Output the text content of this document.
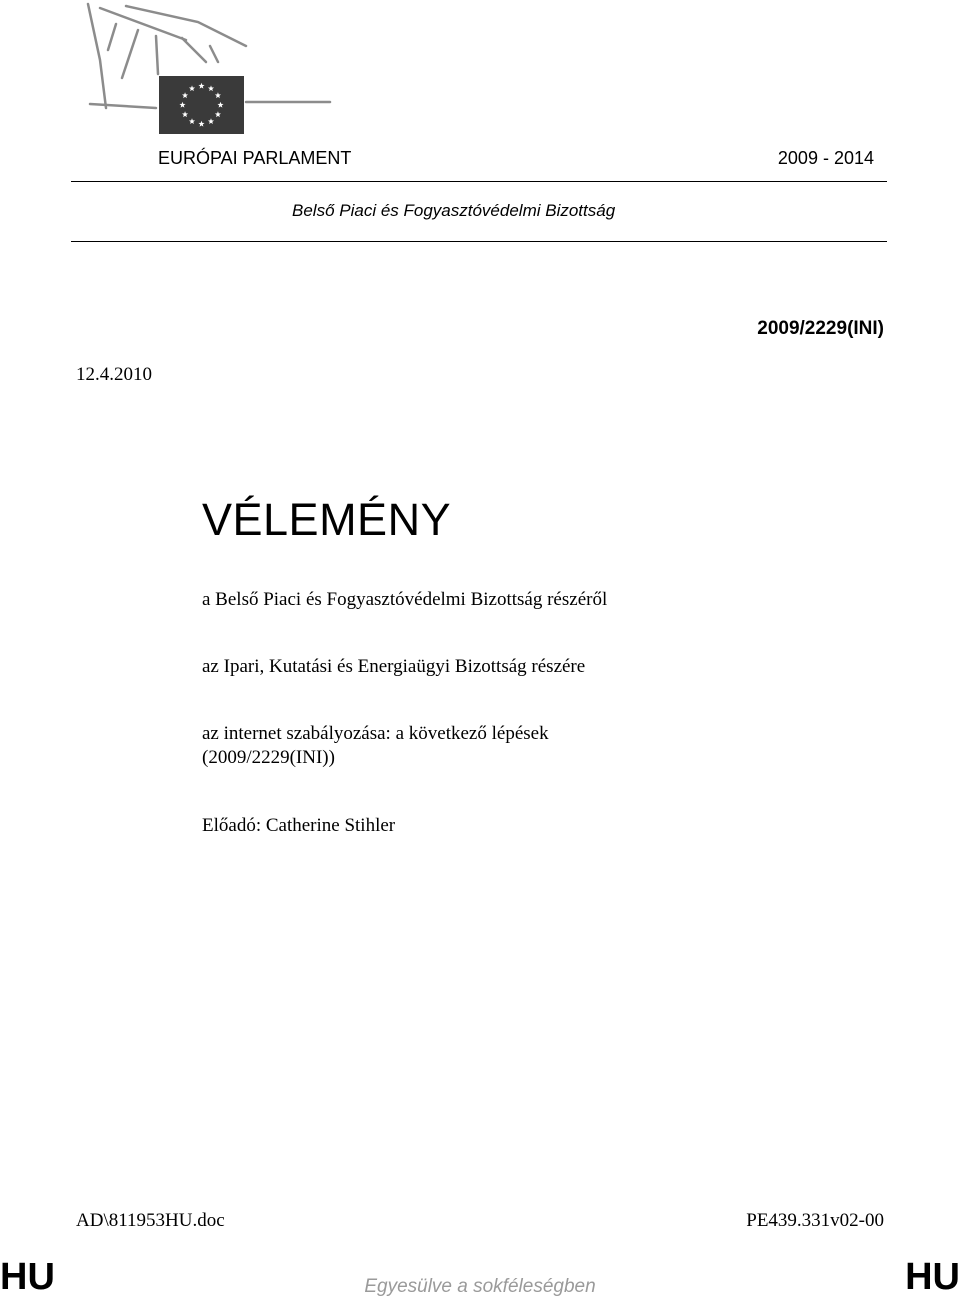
EURÓPAI PARLAMENT	2009 - 2014
Belső Piaci és Fogyasztóvédelmi Bizottság
2009/2229(INI)
12.4.2010
VÉLEMÉNY
a Belső Piaci és Fogyasztóvédelmi Bizottság részéről
az Ipari, Kutatási és Energiaügyi Bizottság részére
az internet szabályozása: a következő lépések
(2009/2229(INI))
Előadó: Catherine Stihler
AD\811953HU.doc	PE439.331v02-00
HU	Egyesülve a sokféleségben	HU
